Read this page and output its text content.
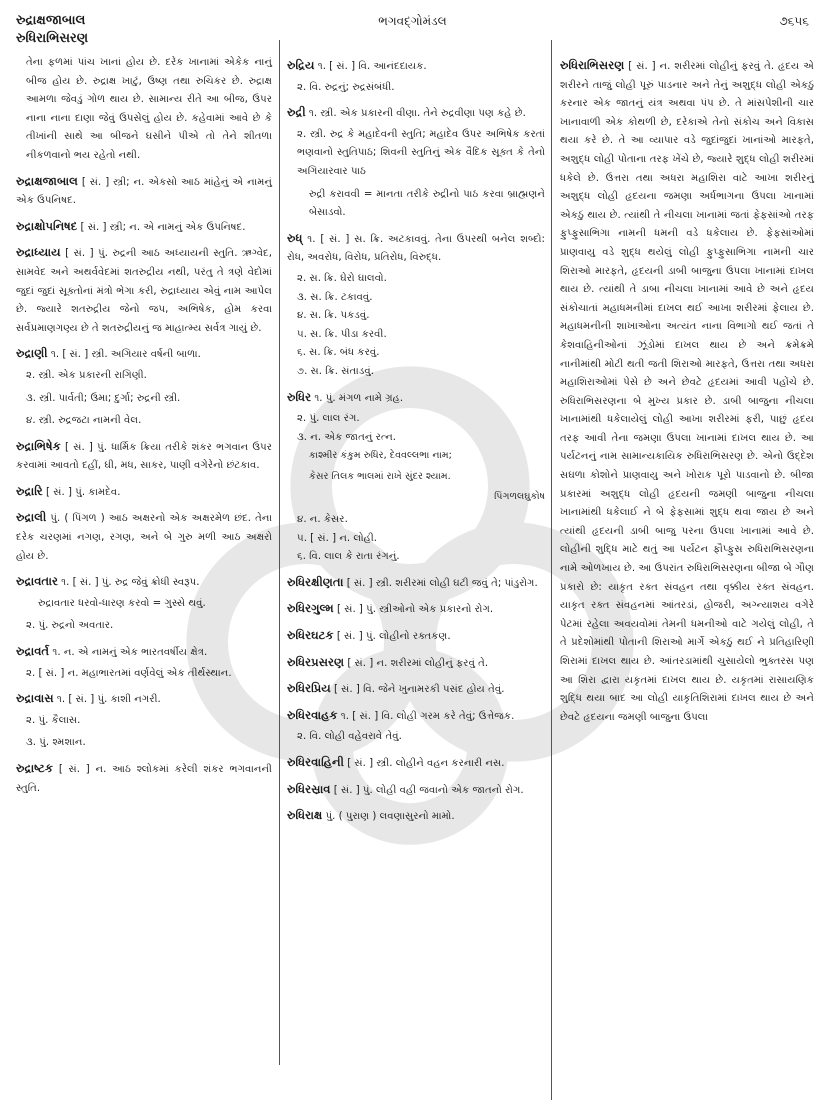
રુદ્રાક્ષજાબાલ
રુધિરાભિસરણ
ભગવદ્ગોમંડલ	૭૬૫૬

તેના ફળમાં પાંચ ખાનાં હોય છે. દરેક ખાનામાં એકેક નાનું બીજ હોય છે. રુદ્રાક્ષ ખાટું, ઉષ્ણ તથા રુચિકર છે. રુદ્રાક્ષ આમળા જેવડું ગોળ થાય છે. સામાન્ય રીતે આ બીજ, ઉપર નાના નાના દાણા જેવું ઉપસેલું હોય છે. કહેવામાં આવે છે કે તીખાંની સાથે આ બીજને ઘસીને પીએ તો તેને શીતળા નીકળવાનો ભય રહેતો નથી.

રુદ્રાક્ષજાબાલ [ સં. ] સ્ત્રી; ન. એકસો આઠ માંહેનું એ નામનું એક ઉપનિષદ.

રુદ્રાક્ષોપનિષદ [ સં. ] સ્ત્રી; ન. એ નામનું એક ઉપનિષદ.

રુદ્રાધ્યાય [ સં. ] પું. રુદ્રની આઠ અધ્યાયની સ્તુતિ. ઋગ્વેદ, સામવેદ અને અથર્વવેદમાં શતરુદ્રીય નથી, પરંતુ તે ત્રણે વેદોમાં જુદાં જુદાં સૂક્તોનાં મંત્રો ભેગા કરી, રુદ્રાધ્યાય એવું નામ આપેલ છે. જ્યારે શતરુદ્રીય જેનો જપ, અભિષેક, હોમ કરવા સર્વપ્રમાણગણ્ય છે તે શતરુદ્રીયનું જ માહાત્મ્ય સર્વત્ર ગાયું છે.

રુદ્રાણી ૧. [ સં. ] સ્ત્રી. અગિયાર વર્ષની બાળા.

૨. સ્ત્રી. એક પ્રકારની રાગિણી.
૩. સ્ત્રી. પાર્વતી; ઉમા; દુર્ગા; રુદ્રની સ્ત્રી.
૪. સ્ત્રી. રુદ્રજટા નામની વેલ.

રુદ્રાભિષેક [ સં. ] પું. ધાર્મિક ક્રિયા તરીકે શંકર ભગવાન ઉપર કરવામાં આવતો દહીં, ઘી, મધ, સાકર, પાણી વગેરેનો છંટકાવ.

રુદ્રારિ [ સં. ] પું. કામદેવ.

રુદ્રાલી પું. ( પિંગળ ) આઠ અક્ષરનો એક અક્ષરમેળ છંદ. તેના દરેક ચરણમાં નગણ, રગણ, અને બે ગુરુ મળી આઠ અક્ષરો હોય છે.

રુદ્રાવતાર ૧. [ સં. ] પું. રુદ્ર જેવું ક્રોધી સ્વરૂપ.

રુદ્રાવતાર ધરવો-ધારણ કરવો = ગુસ્સે થવું.
૨. પું. રુદ્રનો અવતાર.

રુદ્રાવર્ત ૧. ન. એ નામનું એક ભારતવર્ષીય ક્ષેત્ર.

૨. [ સં. ] ન. મહાભારતમાં વર્ણવેલું એક તીર્થસ્થાન.

રુદ્રાવાસ ૧. [ સં. ] પું. કાશી નગરી.

૨. પું. કૈલાસ.
૩. પું. શ્મશાન.

રુદ્રાષ્ટક [ સં. ] ન. આઠ શ્લોકમાં કરેલી શંકર ભગવાનની સ્તુતિ.

રુદ્રિય ૧. [ સં. ] વિ. આનંદદાયક.

૨. વિ. રુદ્રનું; રુદ્રસંબંધી.

રુદ્રી ૧. સ્ત્રી. એક પ્રકારની વીણા. તેને રુદ્રવીણા પણ કહે છે.

૨. સ્ત્રી. રુદ્ર કે મહાદેવની સ્તુતિ; મહાદેવ ઉપર અભિષેક કરતાં ભણવાનો સ્તુતિપાઠ; શિવની સ્તુતિનું એક વૈદિક સૂક્ત કે તેનો અગિયારવાર પાઠ
રુદ્રી કરાવવી = માનતા તરીકે રુદ્રીનો પાઠ કરવા બ્રાહ્મણને બેસાડવો.

રુધ્ ૧. [ સં. ] સ. ક્રિ. અટકાવવું. તેના ઉપરથી બનેલ શબ્દો: રોધ, અવરોધ, વિરોધ, પ્રતિરોધ, વિરુદ્ધ.

૨. સ. ક્રિ. ઘેરો ઘાલવો.
૩. સ. ક્રિ. ટકાવવું.
૪. સ. ક્રિ. પકડવું.
૫. સ. ક્રિ. પીડા કરવી.
૬. સ. ક્રિ. બંધ કરવું.
૭. સ. ક્રિ. સંતાડવું.

રુધિર ૧. પું. મંગળ નામે ગ્રહ.

૨. પું. લાલ રંગ.
૩. ન. એક જાતનું રત્ન.
કાશ્મીર કંકુમ રુધિર, દેવવલ્લભા નામ;
કેસર તિલક ભાલમાં રાખે સુંદર શ્યામ.
પિંગળલઘુકોષ
૪. ન. કેસર.
૫. [ સં. ] ન. લોહી.
૬. વિ. લાલ કે રાતા રંગનું.

રુધિરક્ષીણતા [ સં. ] સ્ત્રી. શરીરમાં લોહી ઘટી જવું તે; પાંડુરોગ.

રુધિરગુલ્મ [ સં. ] પું. સ્ત્રીઓનો એક પ્રકારનો રોગ.

રુધિરઘટક [ સં. ] પું. લોહીનો રક્તકણ.

રુધિરપ્રસરણ [ સં. ] ન. શરીરમાં લોહીનું ફરવું તે.

રુધિરપ્રિય [ સં. ] વિ. જેને ખુનામરકી પસંદ હોય તેવું.

રુધિરવાહક ૧. [ સં. ] વિ. લોહી ગરમ કરે તેવું; ઉત્તેજક.

૨. વિ. લોહી વહેવરાવે તેવું.

રુધિરવાહિની [ સં. ] સ્ત્રી. લોહીને વહન કરનારી નસ.

રુધિરસ્રાવ [ સં. ] પું. લોહી વહી જવાનો એક જાતનો રોગ.

રુધિરાક્ષ પું. ( પુરાણ ) લવણાસુરનો મામો.

રુધિરાભિસરણ [ સં. ] ન. શરીરમાં લોહીનું ફરવું તે. હૃદય એ શરીરને તાજું લોહી પૂરું પાડનાર અને તેનું અશુદ્ધ લોહી એકઠું કરનાર એક જાતનું યંત્ર અથવા પંપ છે. તે માંસપેશીની ચાર ખાનાવાળી એક કોથળી છે, દરેકાએ તેનો સંકોચ અને વિકાસ થયા કરે છે. તે આ વ્યાપાર વડે જુદાંજુદાં ખાનાંઓ મારફતે, અશુદ્ધ લોહી પોતાના તરફ ખેંચે છે, જ્યારે શુદ્ધ લોહી શરીરમાં ધકેલે છે. ઉત્તરા તથા અધરા મહાશિરા વાટે આખા શરીરનું અશુદ્ધ લોહી હૃદયના જમણા અર્ધભાગના ઉપલા ખાનામાં એકઠું થાય છે. ત્યાંથી તે નીચલા ખાનામાં જતાં ફેફસાંઓ તરફ ફુપ્ફુસાભિગા નામની ધમની વડે ધકેલાય છે. ફેફસાંઓમાં પ્રાણવાયુ વડે શુદ્ધ થયેલું લોહી ફુપ્ફુસાભિગા નામની ચાર શિરાઓ મારફતે, હૃદયની ડાબી બાજુના ઉપલા ખાનામાં દાખલ થાય છે. ત્યાંથી તે ડાબા નીચલા ખાનામાં આવે છે અને હૃદય સંકોચાતાં મહાધમનીમાં દાખલ થઈ આખા શરીરમાં ફેલાય છે. મહાધમનીની શાખાઓના અત્યંત નાના વિભાગો થઈ જતાં તે કેશવાહિનીઓનાં ઝૂંડોમાં દાખલ થાય છે અને ક્રમેક્રમે નાનીમાંથી મોટી થતી જતી શિરાઓ મારફતે, ઉત્તરા તથા અધરા મહાશિરાઓમાં પેસે છે અને છેવટે હૃદયમાં આવી પહોંચે છે. રુધિરાભિસરણના બે મુખ્ય પ્રકાર છે. ડાબી બાજુના નીચલા ખાનામાંથી ધકેલાયેલું લોહી આખા શરીરમાં ફરી, પાછું હૃદય તરફ આવી તેના જમણા ઉપલા ખાનામાં દાખલ થાય છે. આ પર્યટનનું નામ સામાન્યકાયિક રુધિરાભિસરણ છે. એનો ઉદ્દેશ સઘળા કોશોને પ્રાણવાયુ અને ખોરાક પૂરો પાડવાનો છે. બીજા પ્રકારમાં અશુદ્ધ લોહી હૃદયની જમણી બાજુના નીચલા ખાનામાંથી ધકેલાઈ ને બે ફેફસામાં શુદ્ધ થવા જાય છે અને ત્યાંથી હૃદયની ડાબી બાજુ પરના ઉપલા ખાનામાં આવે છે. લોહીની શુદ્ધિ માટે થતું આ પર્યટન ફૌપ્ફુસ રુધિરાભિસરણના નામે ઓળખાય છે. આ ઉપરાંત રુધિરાભિસરણના બીજા બે ગૌણ પ્રકારો છે: યાકૃત રક્ત સંવહન તથા વૃક્કીય રક્ત સંવહન. યાકૃત રક્ત સંવહનમાં આંતરડાં, હોજરી, અગ્ન્યાશય વગેરે પેટમાં રહેલા અવયવોમાં તેમની ધમનીઓ વાટે ગયેલું લોહી, તે તે પ્રદેશોમાંથી પોતાની શિરાઓ માર્ગે એકઠું થઈ ને પ્રતિહારિણી શિરામાં દાખલ થાય છે. આંતરડામાંથી ચુસાયેલો ભુક્તરસ પણ આ શિરા દ્વારા યકૃતમાં દાખલ થાય છે. યકૃતમાં રાસાયણિક શુદ્ધિ થયા બાદ આ લોહી યાકૃતિશિરામાં દાખલ થાય છે અને છેવટે હૃદયના જમણી બાજુના ઉપલા
